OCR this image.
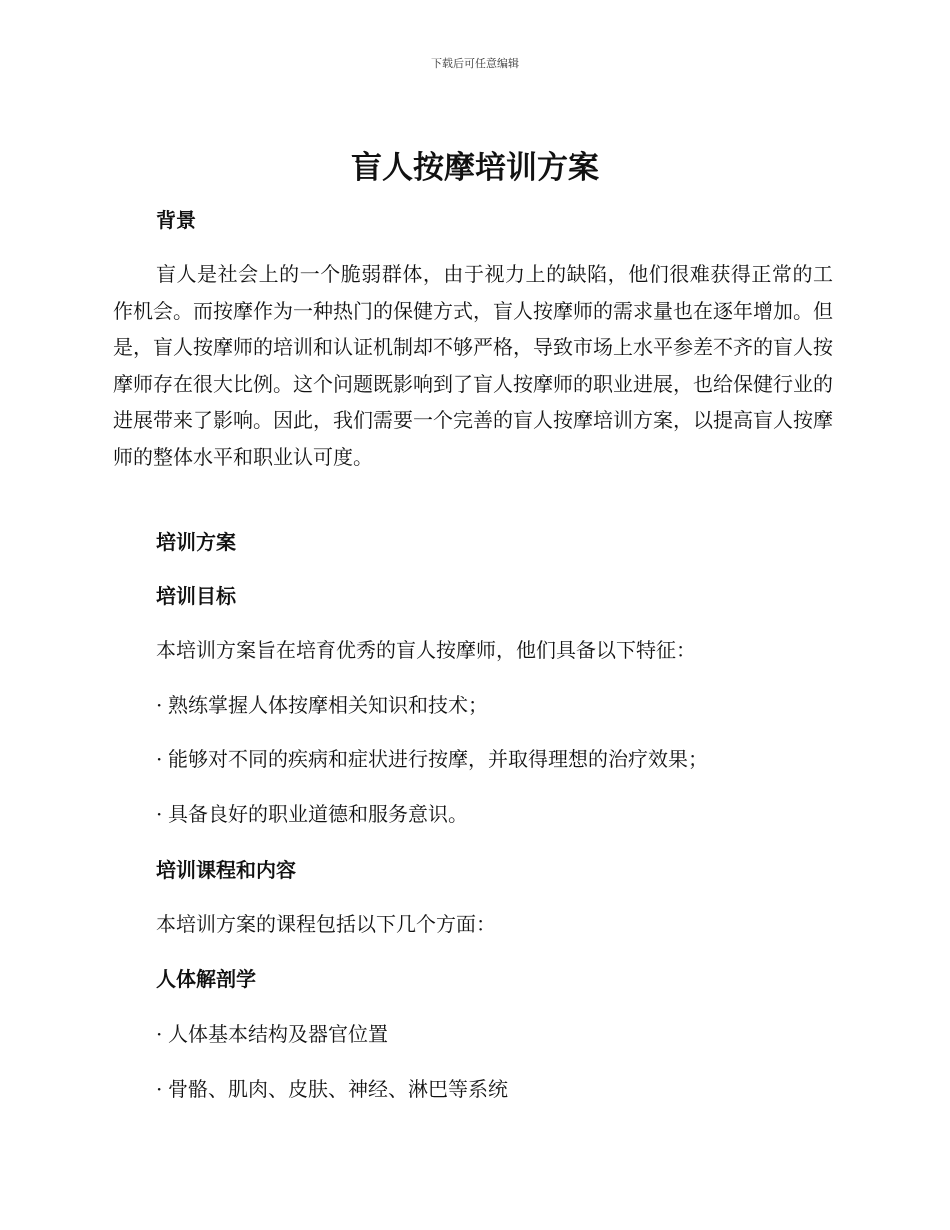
下载后可任意编辑
盲人按摩培训方案
背景

盲人是社会上的一个脆弱群体，由于视力上的缺陷，他们很难获得正常的工作机会。而按摩作为一种热门的保健方式，盲人按摩师的需求量也在逐年增加。但是，盲人按摩师的培训和认证机制却不够严格，导致市场上水平参差不齐的盲人按摩师存在很大比例。这个问题既影响到了盲人按摩师的职业进展，也给保健行业的进展带来了影响。因此，我们需要一个完善的盲人按摩培训方案，以提高盲人按摩师的整体水平和职业认可度。

培训方案
培训目标

本培训方案旨在培育优秀的盲人按摩师，他们具备以下特征：

· 熟练掌握人体按摩相关知识和技术；

· 能够对不同的疾病和症状进行按摩，并取得理想的治疗效果；

· 具备良好的职业道德和服务意识。

培训课程和内容

本培训方案的课程包括以下几个方面：

人体解剖学

· 人体基本结构及器官位置

· 骨骼、肌肉、皮肤、神经、淋巴等系统
